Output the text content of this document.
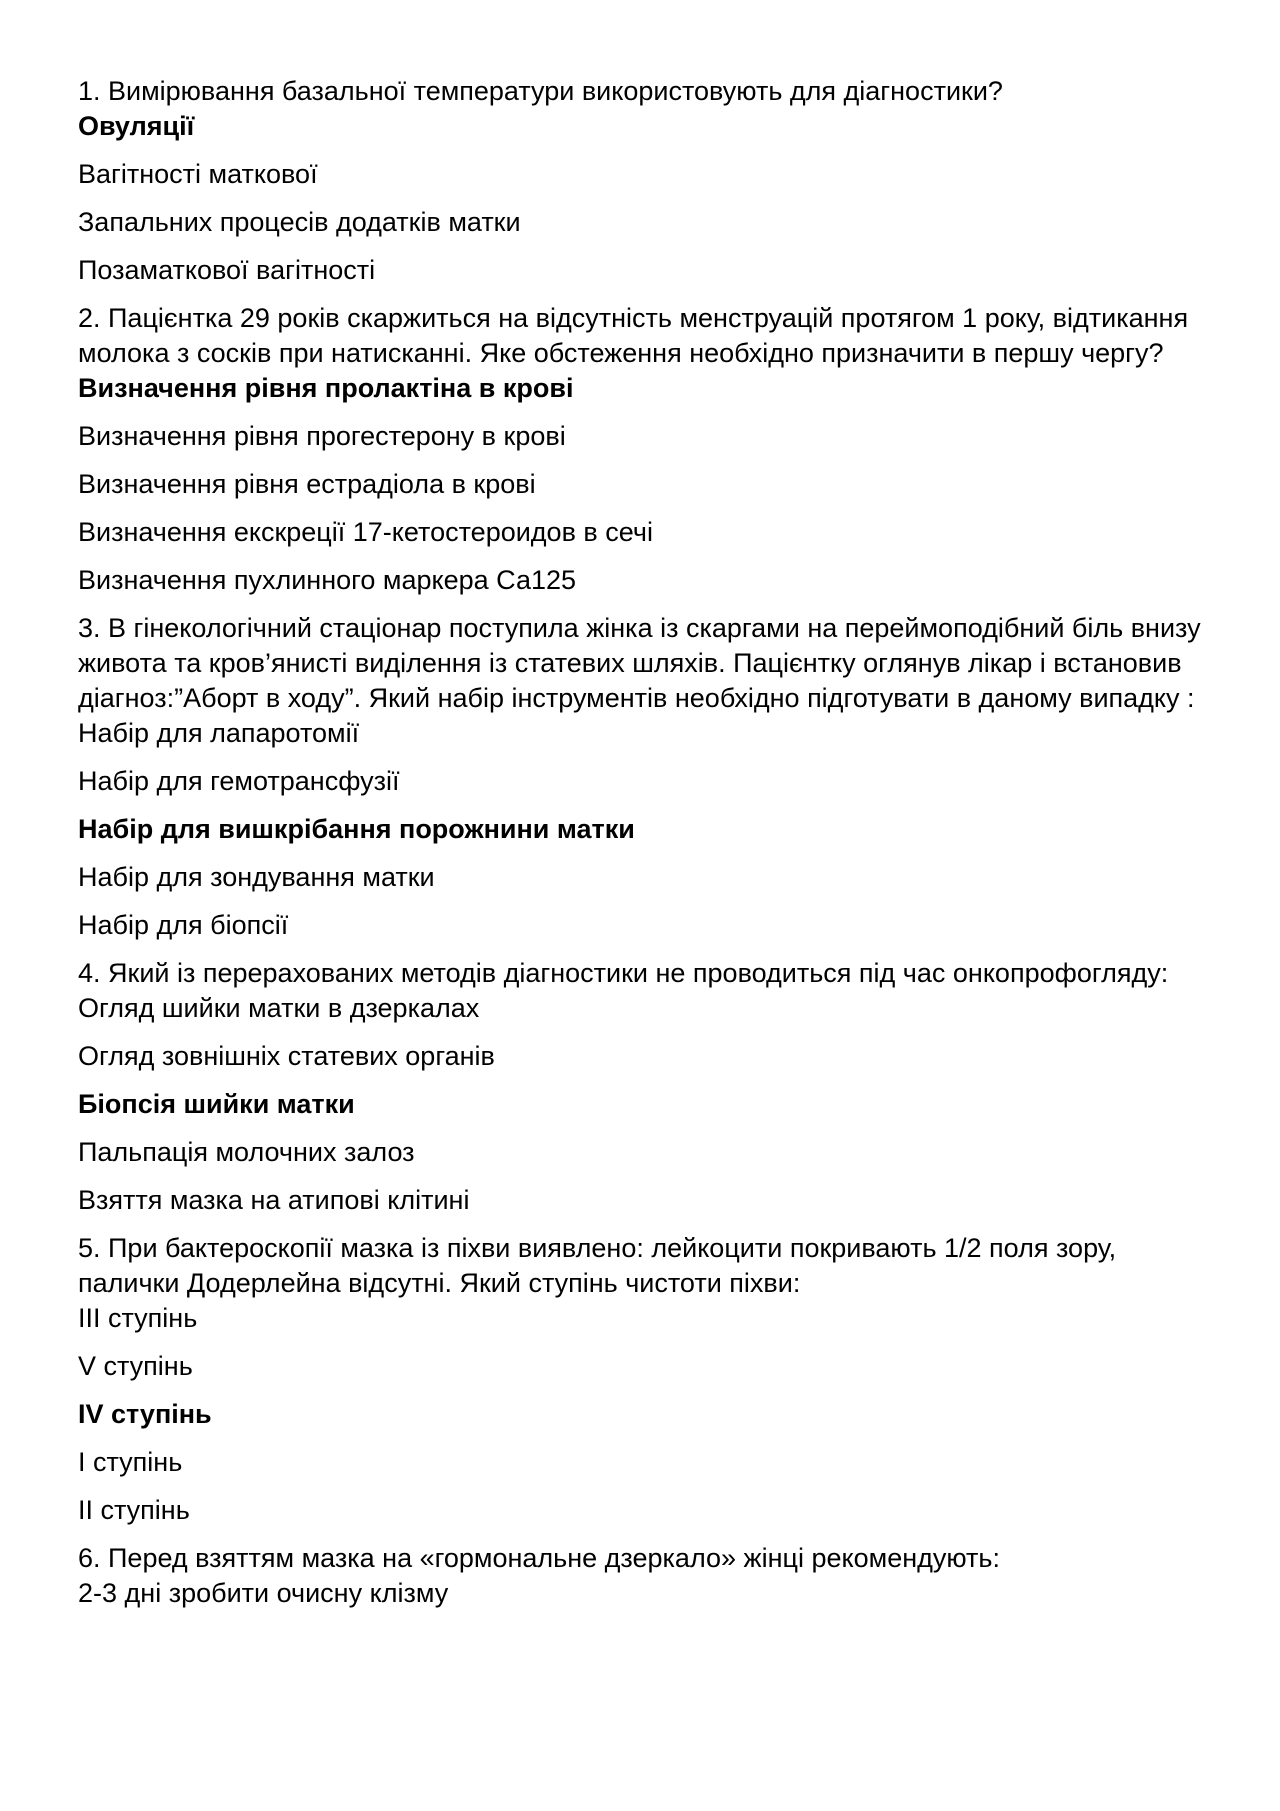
1. Вимірювання базальної температури використовують для діагностики?

Овуляції

Вагітності маткової

Запальних процесів додатків матки

Позаматкової вагітності

2. Пацієнтка 29 років скаржиться на відсутність менструацій протягом 1 року, відтикання молока з сосків при натисканні. Яке обстеження необхідно призначити в першу чергу?

Визначення рівня пролактіна в крові

Визначення рівня прогестерону в крові

Визначення рівня естрадіола в крові

Визначення екскреції 17-кетостероидов в сечі

Визначення пухлинного маркера Са125

3. В гінекологічний стаціонар поступила жінка із скаргами на переймоподібний біль внизу живота та кров’янисті виділення із статевих шляхів. Пацієнтку оглянув лікар і встановив діагноз:”Аборт в ходу”. Який набір інструментів необхідно підготувати в даному випадку :

Набір для лапаротомії

Набір для гемотрансфузії

Набір для вишкрібання порожнини матки

Набір для зондування матки

Набір для біопсії

4. Який із перерахованих методів діагностики не проводиться під час онкопрофогляду:

Огляд шийки матки в дзеркалах

Огляд зовнішніх статевих органів

Біопсія шийки матки

Пальпація молочних залоз

Взяття мазка на атипові клітині

5. При бактероскопії мазка із піхви виявлено: лейкоцити покривають 1/2 поля зору, палички Додерлейна відсутні. Який ступінь чистоти піхви:

III ступінь

V ступінь

IV ступінь

I ступінь

II ступінь

6. Перед взяттям мазка на «гормональне дзеркало» жінці рекомендують:

2-3 дні зробити очисну клізму
